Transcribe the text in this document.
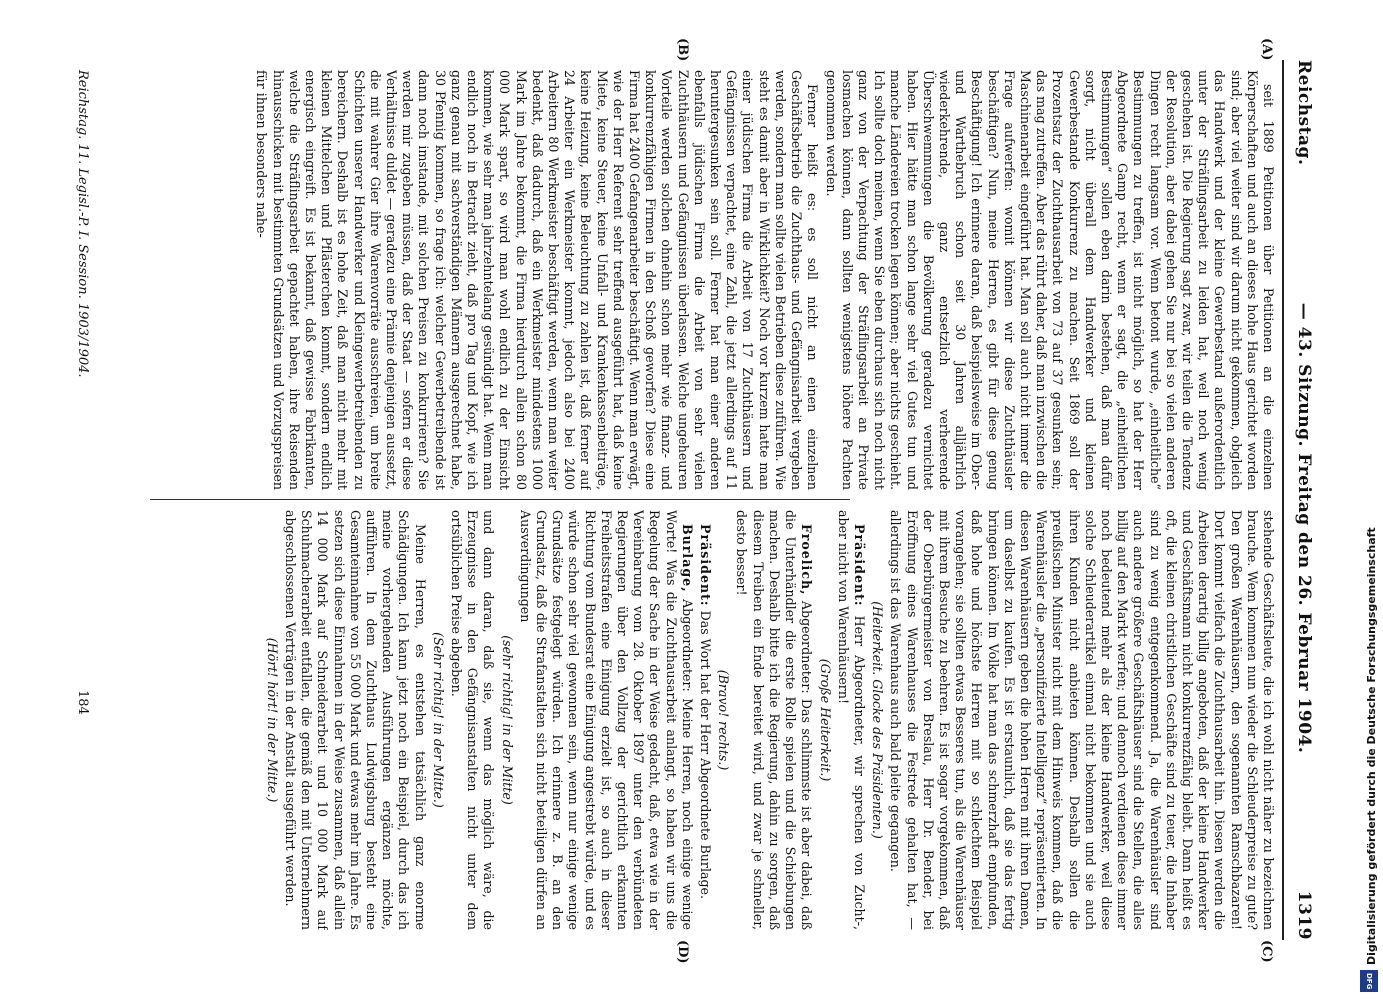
Reichstag.
— 43. Sitzung. Freitag den 26. Februar 1904.
1319
(A)
(B)
(C)
(D)

seit 1889 Petitionen über Petitionen an die einzelnen Körperschaften und auch an dieses hohe Haus gerichtet worden sind; aber viel weiter sind wir darum nicht gekommen, obgleich das Handwerk und der kleine Gewerbestand außerordentlich unter der Sträflingsarbeit zu leiden hat, weil noch wenig geschehen ist. Die Regierung sagt zwar, wir teilen die Tendenz der Resolution, aber dabei gehen Sie nur bei so vielen anderen Dingen recht langsam vor. Wenn betont wurde, „einheitliche“ Bestimmungen zu treffen, ist nicht möglich, so hat der Herr Abgeordnete Gamp recht, wenn er sagt, die „einheitlichen Bestimmungen“ sollen eben darin bestehen, daß man dafür sorgt, nicht überall dem Handwerker und kleinen Gewerbestande Konkurrenz zu machen. Seit 1869 soll der Prozentsatz der Zuchthausarbeit von 73 auf 37 gesunken sein; das mag zutreffen. Aber das rührt daher, daß man inzwischen die Maschinenarbeit eingeführt hat. Man soll auch nicht immer die Frage aufwerfen: womit können wir diese Zuchthäusler beschäftigen? Nun, meine Herren, es gibt für diese genug Beschäftigung! Ich erinnere daran, daß beispielsweise im Ober- und Warthebruch schon seit 30 Jahren alljährlich wiederkehrende, ganz entsetzlich verheerende Überschwemmungen die Bevölkerung geradezu vernichtet haben. Hier hätte man schon lange sehr viel Gutes tun und manche Ländereien trocken legen können; aber nichts geschieht. Ich sollte doch meinen, wenn Sie eben durchaus sich noch nicht ganz von der Verpachtung der Sträflingsarbeit an Private losmachen können, dann sollten wenigstens höhere Pachten genommen werden.

Ferner heißt es: es soll nicht an einen einzelnen Geschäftsbetrieb die Zuchthaus- und Gefängnisarbeit vergeben werden, sondern man sollte vielen Betrieben diese zuführen. Wie steht es damit aber in Wirklichkeit? Noch vor kurzem hatte man einer jüdischen Firma die Arbeit von 17 Zuchthäusern und Gefängnissen verpachtet, eine Zahl, die jetzt allerdings auf 11 heruntergesunken sein soll. Ferner hat man einer anderen ebenfalls jüdischen Firma die Arbeit von sehr vielen Zuchthäusern und Gefängnissen überlassen. Welche ungeheuren Vorteile werden solchen ohnehin schon mehr wie finanz- und konkurrenzfähigen Firmen in den Schoß geworfen? Diese eine Firma hat 2400 Gefangenarbeiter beschäftigt. Wenn man erwägt, wie der Herr Referent sehr treffend ausgeführt hat, daß keine Miete, keine Steuer, keine Unfall- und Krankenkassenbeiträge, keine Heizung, keine Beleuchtung zu zahlen ist, daß ferner auf 24 Arbeiter ein Werkmeister kommt, jedoch also bei 2400 Arbeitern 80 Werkmeister beschäftigt werden, wenn man weiter bedenkt, daß dadurch, daß ein Werkmeister mindestens 1000 Mark im Jahre bekommt, die Firma hierdurch allein schon 80 000 Mark spart, so wird man wohl endlich zu der Einsicht kommen, wie sehr man jahrzehntelang gesündigt hat. Wenn man endlich noch in Betracht zieht, daß pro Tag und Kopf, wie ich ganz genau mit sachverständigen Männern ausgerechnet habe, 30 Pfennig kommen, so frage ich: welcher Gewerbetreibende ist dann noch imstande, mit solchen Preisen zu konkurrieren? Sie werden mir zugeben müssen, daß der Staat — sofern er diese Verhältnisse duldet — geradezu eine Prämie denjenigen aussetzt, die mit wahrer Gier ihre Warenvorräte ausschreien, um breite Schichten unserer Handwerker und Kleingewerbetreibenden zu bereichern. Deshalb ist es hohe Zeit, daß man nicht mehr mit kleinen Mittelchen und Pflästerchen kommt, sondern endlich energisch eingreift. Es ist bekannt, daß gewisse Fabrikanten, welche die Sträflingsarbeit gepachtet haben, ihre Reisenden hinausschicken mit bestimmten Grundsätzen und Vorzugspreisen für ihnen besonders nahe-

stehende Geschäftsleute, die ich wohl nicht näher zu bezeichnen brauche. Wem kommen nun wieder die Schleuderpreise zu gute? Den großen Warenhäusern, den sogenannten Ramschbazaren! Dort kommt vielfach die Zuchthausarbeit hin. Diesen werden die Arbeiten derartig billig angeboten, daß der kleine Handwerker und Geschäftsmann nicht konkurrenzfähig bleibt. Dann heißt es oft, die kleinen christlichen Geschäfte sind zu teuer, die Inhaber sind zu wenig entgegenkommend. Ja, die Warenhäusler sind auch andere größere Geschäftshäuser sind die Stellen, die alles billig auf den Markt werfen; und dennoch verdienen diese immer noch bedeutend mehr als der kleine Handwerker, weil diese solche Schleuderartikel einmal nicht bekommen und sie auch ihren Kunden nicht anbieten können. Deshalb sollen die preußischen Minister nicht mit dem Hinweis kommen, daß die Warenhäusler die „personifizierte Intelligenz“ repräsentierten. In diesen Warenhäusern geben die hohen Herren mit ihren Damen, um daselbst zu kaufen. Es ist erstaunlich, daß sie das fertig bringen können. Im Volke hat man das schmerzhaft empfunden, daß hohe und höchste Herren mit so schlechtem Beispiel vorangehen; sie sollten etwas Besseres tun, als die Warenhäuser mit ihrem Besuche zu beehren. Es ist sogar vorgekommen, daß der Oberbürgermeister von Breslau, Herr Dr. Bender, bei Eröffnung eines Warenhauses die Festrede gehalten hat, — allerdings ist das Warenhaus auch bald pleite gegangen.

(Heiterkeit. Glocke des Präsidenten.)

Präsident: Herr Abgeordneter, wir sprechen von Zucht-, aber nicht von Warenhäusern!

(Große Heiterkeit.)

Froelich, Abgeordneter: Das schlimmste ist aber dabei, daß die Unterhändler die erste Rolle spielen und die Schiebungen machen. Deshalb bitte ich die Regierung, dahin zu sorgen, daß diesem Treiben ein Ende bereitet wird, und zwar je schneller, desto besser!

(Bravo! rechts.)

Präsident: Das Wort hat der Herr Abgeordnete Burlage.

Burlage, Abgeordneter: Meine Herren, noch einige wenige Worte! Was die Zuchthausarbeit anlangt, so haben wir uns die Regelung der Sache in der Weise gedacht, daß, etwa wie in der Vereinbarung vom 28. Oktober 1897 unter den verbündeten Regierungen über den Vollzug der gerichtlich erkannten Freiheitsstrafen eine Einigung erzielt ist, so auch in dieser Richtung vom Bundesrat eine Einigung angestrebt würde, und es würde schon sehr viel gewonnen sein, wenn nur einige wenige Grundsätze festgelegt würden. Ich erinnere z. B. an den Grundsatz, daß die Strafanstalten sich nicht beteiligen dürfen an Ausverdingungen

(sehr richtig! in der Mitte)

und dann daran, daß sie, wenn das möglich wäre, die Erzeugnisse in den Gefängnisanstalten nicht unter dem ortsüblichen Preise abgeben.

(Sehr richtig! in der Mitte.)

Meine Herren, es entstehen tatsächlich ganz enorme Schädigungen. Ich kann jetzt noch ein Beispiel, durch das ich meine vorhergehenden Ausführungen ergänzen möchte, aufführen. In dem Zuchthaus Ludwigsburg besteht eine Gesamteinnahme von 55 000 Mark und etwas mehr im Jahre. Es setzen sich diese Einnahmen in der Weise zusammen, daß allein 14 000 Mark auf Schneiderarbeit und 10 000 Mark auf Schuhmacherarbeit entfallen, die gemäß den mit Unternehmern abgeschlossenen Verträgen in der Anstalt ausgeführt werden.

(Hört! hört! in der Mitte.)

Reichstag. 11. Legisl.-P. I. Session. 1903/1904.
184	Digitalisierung gefördert durch die Deutsche Forschungsgemeinschaft
DFG
